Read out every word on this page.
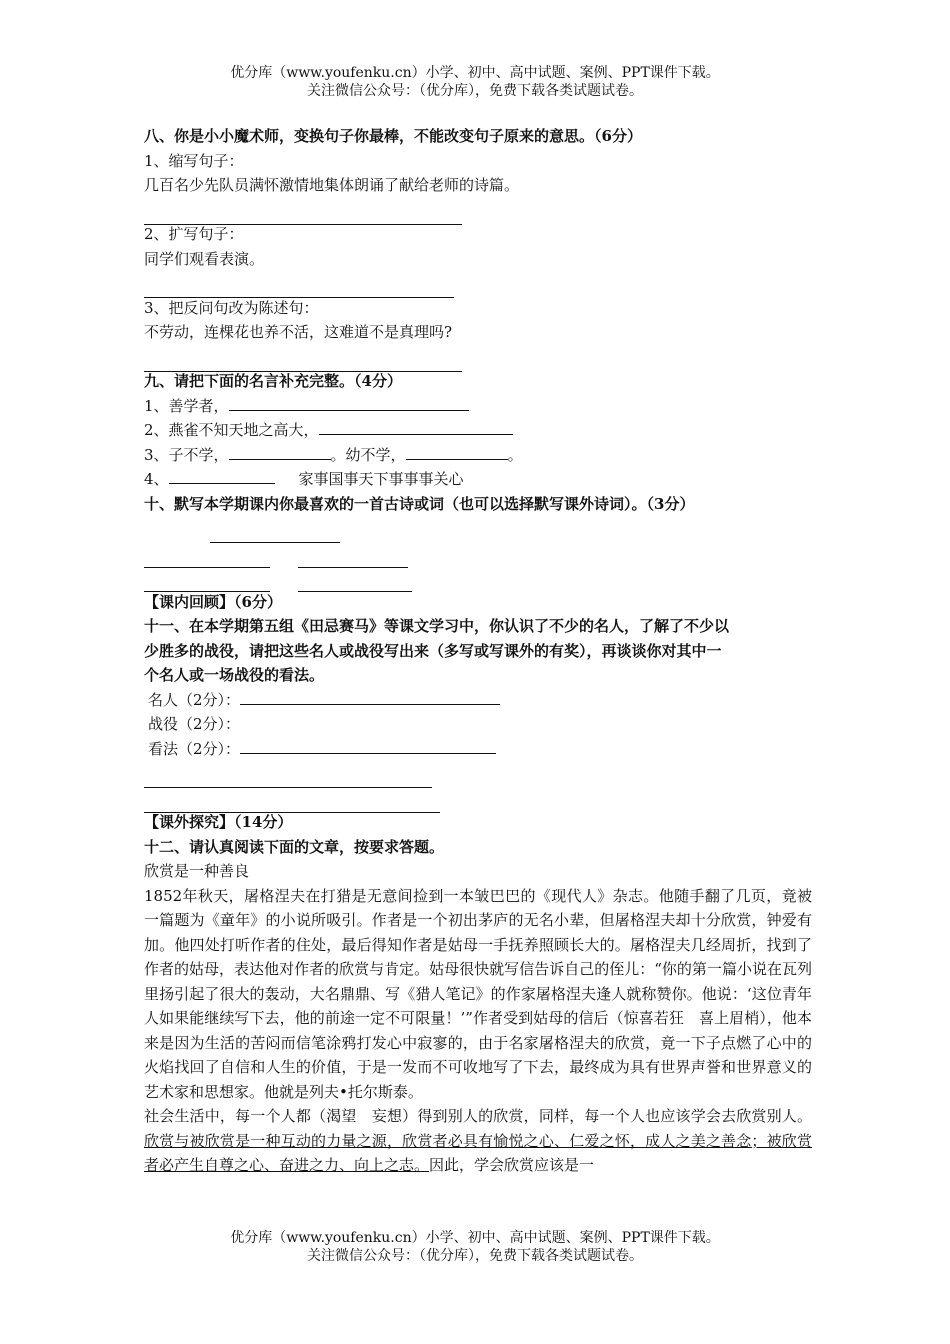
优分库（www.youfenku.cn）小学、初中、高中试题、案例、PPT课件下载。
关注微信公众号：（优分库），免费下载各类试题试卷。
八、你是小小魔术师，变换句子你最棒，不能改变句子原来的意思。（6分）
1、缩写句子：
几百名少先队员满怀激情地集体朗诵了献给老师的诗篇。
2、扩写句子：
同学们观看表演。
3、把反问句改为陈述句：
不劳动，连棵花也养不活，这难道不是真理吗?
九、请把下面的名言补充完整。（4分）
1、善学者，
2、燕雀不知天地之高大，
3、子不学，	。幼不学，	。
4、	家事国事天下事事事关心
十、默写本学期课内你最喜欢的一首古诗或词（也可以选择默写课外诗词）。（3分）
【课内回顾】（6分）
十一、在本学期第五组《田忌赛马》等课文学习中，你认识了不少的名人，了解了不少以
少胜多的战役，请把这些名人或战役写出来（多写或写课外的有奖），再谈谈你对其中一
个名人或一场战役的看法。
名人（2分）：
战役（2分）：
看法（2分）：
【课外探究】（14分）
十二、请认真阅读下面的文章，按要求答题。
欣赏是一种善良
1852年秋天，屠格涅夫在打猎是无意间捡到一本皱巴巴的《现代人》杂志。他随手翻了几页，竟被一篇题为《童年》的小说所吸引。作者是一个初出茅庐的无名小辈，但屠格涅夫却十分欣赏，钟爱有加。他四处打听作者的住处，最后得知作者是姑母一手抚养照顾长大的。屠格涅夫几经周折，找到了作者的姑母，表达他对作者的欣赏与肯定。姑母很快就写信告诉自己的侄儿：“你的第一篇小说在瓦列里扬引起了很大的轰动，大名鼎鼎、写《猎人笔记》的作家屠格涅夫逢人就称赞你。他说：‘这位青年人如果能继续写下去，他的前途一定不可限量！’”作者受到姑母的信后（惊喜若狂　喜上眉梢），他本来是因为生活的苦闷而信笔涂鸦打发心中寂寥的，由于名家屠格涅夫的欣赏，竟一下子点燃了心中的火焰找回了自信和人生的价值，于是一发而不可收地写了下去，最终成为具有世界声誉和世界意义的艺术家和思想家。他就是列夫•托尔斯泰。
社会生活中，每一个人都（渴望　妄想）得到别人的欣赏，同样，每一个人也应该学会去欣赏别人。欣赏与被欣赏是一种互动的力量之源，欣赏者必具有愉悦之心、仁爱之怀，成人之美之善念；被欣赏者必产生自尊之心、奋进之力、向上之志。因此，学会欣赏应该是一
优分库（www.youfenku.cn）小学、初中、高中试题、案例、PPT课件下载。
关注微信公众号：（优分库），免费下载各类试题试卷。
